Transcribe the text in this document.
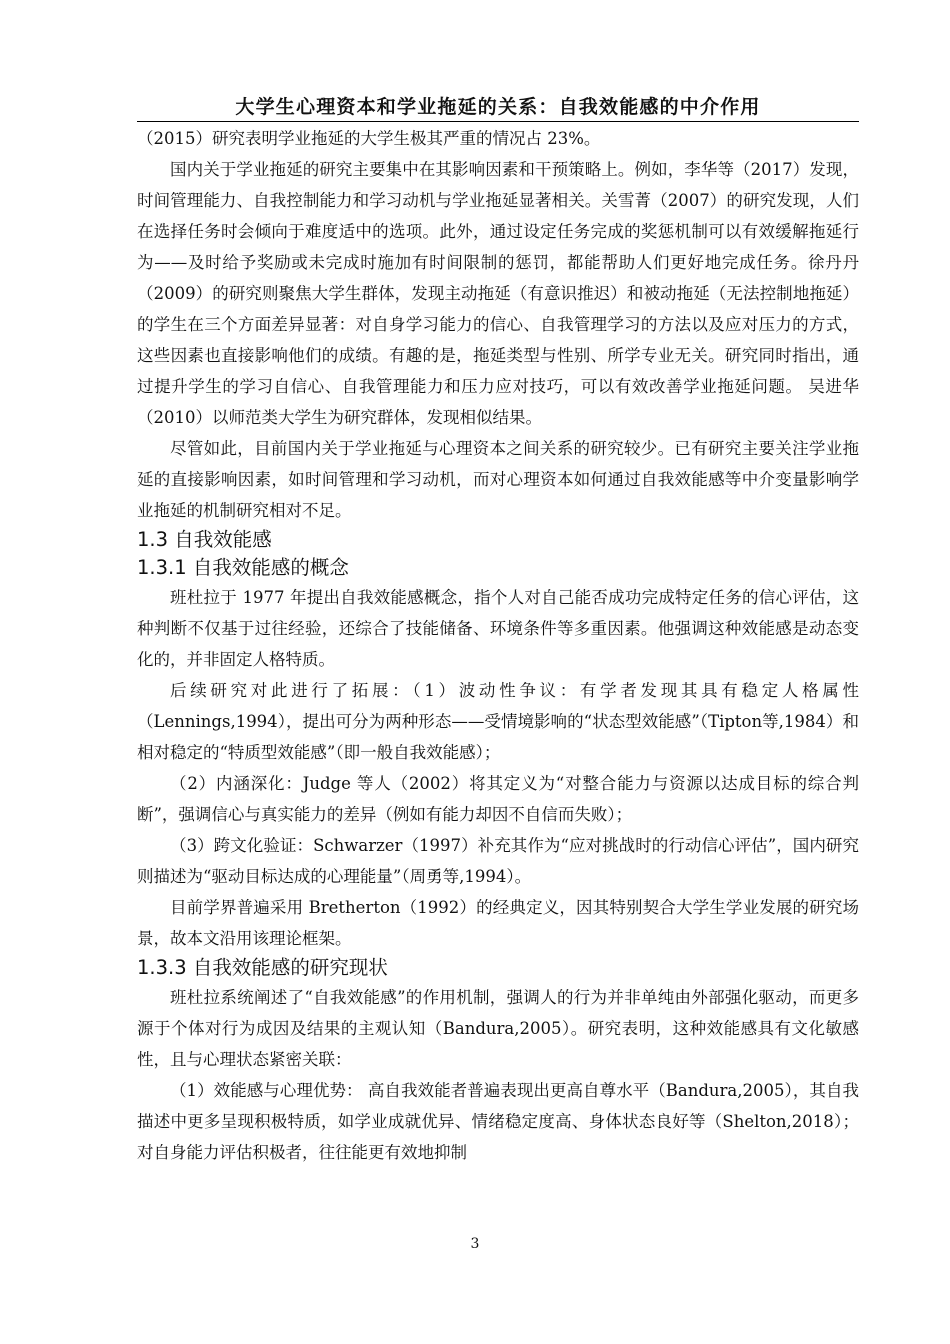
大学生心理资本和学业拖延的关系：自我效能感的中介作用

（2015）研究表明学业拖延的大学生极其严重的情况占 23%。

国内关于学业拖延的研究主要集中在其影响因素和干预策略上。例如，李华等（2017）发现，时间管理能力、自我控制能力和学习动机与学业拖延显著相关。关雪菁（2007）的研究发现，人们在选择任务时会倾向于难度适中的选项。此外，通过设定任务完成的奖惩机制可以有效缓解拖延行为——及时给予奖励或未完成时施加有时间限制的惩罚，都能帮助人们更好地完成任务。徐丹丹（2009）的研究则聚焦大学生群体，发现主动拖延（有意识推迟）和被动拖延（无法控制地拖延）的学生在三个方面差异显著：对自身学习能力的信心、自我管理学习的方法以及应对压力的方式，这些因素也直接影响他们的成绩。有趣的是，拖延类型与性别、所学专业无关。研究同时指出，通过提升学生的学习自信心、自我管理能力和压力应对技巧，可以有效改善学业拖延问题。 吴进华（2010）以师范类大学生为研究群体，发现相似结果。

尽管如此，目前国内关于学业拖延与心理资本之间关系的研究较少。已有研究主要关注学业拖延的直接影响因素，如时间管理和学习动机，而对心理资本如何通过自我效能感等中介变量影响学业拖延的机制研究相对不足。

1.3 自我效能感
1.3.1 自我效能感的概念

班杜拉于 1977 年提出自我效能感概念，指个人对自己能否成功完成特定任务的信心评估，这种判断不仅基于过往经验，还综合了技能储备、环境条件等多重因素。他强调这种效能感是动态变化的，并非固定人格特质。

后续研究对此进行了拓展：（1）波动性争议：有学者发现其具有稳定人格属性（Lennings,1994），提出可分为两种形态——受情境影响的“状态型效能感”（Tipton等,1984）和相对稳定的“特质型效能感”（即一般自我效能感）；

（2）内涵深化：Judge 等人（2002）将其定义为“对整合能力与资源以达成目标的综合判断”，强调信心与真实能力的差异（例如有能力却因不自信而失败）；

（3）跨文化验证：Schwarzer（1997）补充其作为“应对挑战时的行动信心评估”，国内研究则描述为“驱动目标达成的心理能量”（周勇等,1994）。

目前学界普遍采用 Bretherton（1992）的经典定义，因其特别契合大学生学业发展的研究场景，故本文沿用该理论框架。

1.3.3 自我效能感的研究现状

班杜拉系统阐述了“自我效能感”的作用机制，强调人的行为并非单纯由外部强化驱动，而更多源于个体对行为成因及结果的主观认知（Bandura,2005）。研究表明，这种效能感具有文化敏感性，且与心理状态紧密关联：

（1）效能感与心理优势： 高自我效能者普遍表现出更高自尊水平（Bandura,2005），其自我描述中更多呈现积极特质，如学业成就优异、情绪稳定度高、身体状态良好等（Shelton,2018）；对自身能力评估积极者，往往能更有效地抑制

3
